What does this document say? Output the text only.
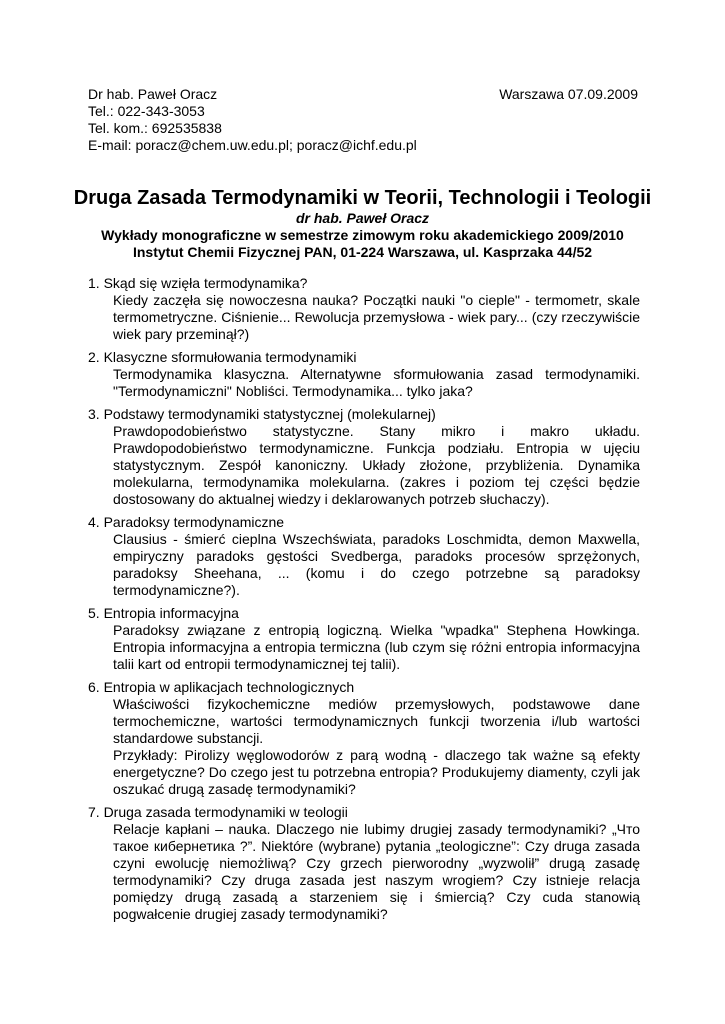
Dr hab. Paweł Oracz	Warszawa 07.09.2009
Tel.: 022-343-3053
Tel. kom.: 692535838
E-mail: poracz@chem.uw.edu.pl; poracz@ichf.edu.pl
Druga Zasada Termodynamiki w Teorii, Technologii i Teologii
dr hab. Paweł Oracz
Wykłady monograficzne w semestrze zimowym roku akademickiego 2009/2010
Instytut Chemii Fizycznej PAN, 01-224 Warszawa, ul. Kasprzaka 44/52
1. Skąd się wzięła termodynamika?
Kiedy zaczęła się nowoczesna nauka? Początki nauki "o cieple" - termometr, skale termometryczne. Ciśnienie... Rewolucja przemysłowa - wiek pary... (czy rzeczywiście wiek pary przeminął?)
2. Klasyczne sformułowania termodynamiki
Termodynamika klasyczna. Alternatywne sformułowania zasad termodynamiki. "Termodynamiczni" Nobliści. Termodynamika... tylko jaka?
3. Podstawy termodynamiki statystycznej (molekularnej)
Prawdopodobieństwo statystyczne. Stany mikro i makro układu. Prawdopodobieństwo termodynamiczne. Funkcja podziału. Entropia w ujęciu statystycznym. Zespół kanoniczny. Układy złożone, przybliżenia. Dynamika molekularna, termodynamika molekularna. (zakres i poziom tej części będzie dostosowany do aktualnej wiedzy i deklarowanych potrzeb słuchaczy).
4. Paradoksy termodynamiczne
Clausius - śmierć cieplna Wszechświata, paradoks Loschmidta, demon Maxwella, empiryczny paradoks gęstości Svedberga, paradoks procesów sprzężonych, paradoksy Sheehana, ... (komu i do czego potrzebne są paradoksy termodynamiczne?).
5. Entropia informacyjna
Paradoksy związane z entropią logiczną. Wielka "wpadka" Stephena Howkinga. Entropia informacyjna a entropia termiczna (lub czym się różni entropia informacyjna talii kart od entropii termodynamicznej tej talii).
6. Entropia w aplikacjach technologicznych
Właściwości fizykochemiczne mediów przemysłowych, podstawowe dane termochemiczne, wartości termodynamicznych funkcji tworzenia i/lub wartości standardowe substancji.
Przykłady: Pirolizy węglowodorów z parą wodną - dlaczego tak ważne są efekty energetyczne? Do czego jest tu potrzebna entropia? Produkujemy diamenty, czyli jak oszukać drugą zasadę termodynamiki?
7. Druga zasada termodynamiki w teologii
Relacje kapłani – nauka. Dlaczego nie lubimy drugiej zasady termodynamiki? „Что такое кибернетика ?”. Niektóre (wybrane) pytania „teologiczne”: Czy druga zasada czyni ewolucję niemożliwą? Czy grzech pierworodny „wyzwolił” drugą zasadę termodynamiki? Czy druga zasada jest naszym wrogiem? Czy istnieje relacja pomiędzy drugą zasadą a starzeniem się i śmiercią? Czy cuda stanowią pogwałcenie drugiej zasady termodynamiki?
